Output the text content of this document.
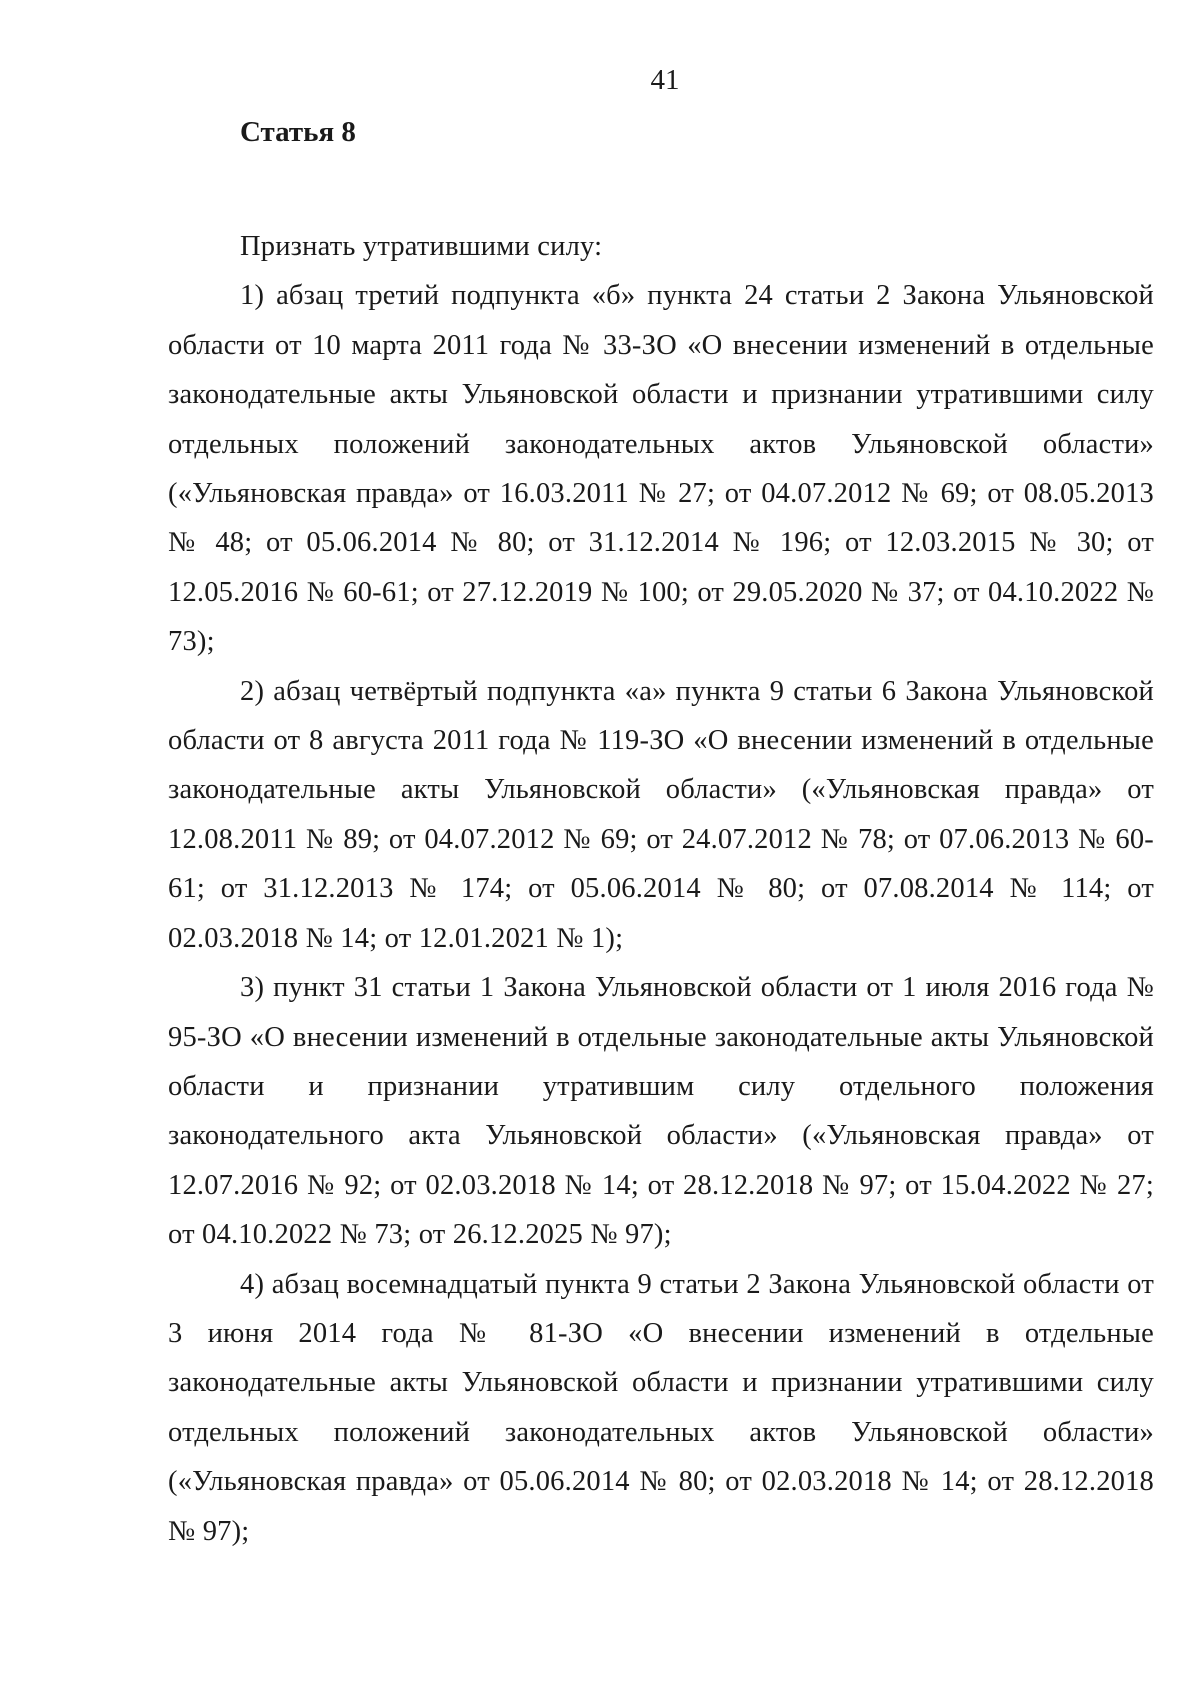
41
Статья 8

Признать утратившими силу:

1) абзац третий подпункта «б» пункта 24 статьи 2 Закона Ульяновской области от 10 марта 2011 года № 33-ЗО «О внесении изменений в отдельные законодательные акты Ульяновской области и признании утратившими силу отдельных положений законодательных актов Ульяновской области» («Ульяновская правда» от 16.03.2011 № 27; от 04.07.2012 № 69; от 08.05.2013 № 48; от 05.06.2014 № 80; от 31.12.2014 № 196; от 12.03.2015 № 30; от 12.05.2016 № 60-61; от 27.12.2019 № 100; от 29.05.2020 № 37; от 04.10.2022 № 73);

2) абзац четвёртый подпункта «а» пункта 9 статьи 6 Закона Ульяновской области от 8 августа 2011 года № 119-ЗО «О внесении изменений в отдельные законодательные акты Ульяновской области» («Ульяновская правда» от 12.08.2011 № 89; от 04.07.2012 № 69; от 24.07.2012 № 78; от 07.06.2013 № 60-61; от 31.12.2013 № 174; от 05.06.2014 № 80; от 07.08.2014 № 114; от 02.03.2018 № 14; от 12.01.2021 № 1);

3) пункт 31 статьи 1 Закона Ульяновской области от 1 июля 2016 года № 95-ЗО «О внесении изменений в отдельные законодательные акты Ульяновской области и признании утратившим силу отдельного положения законодательного акта Ульяновской области» («Ульяновская правда» от 12.07.2016 № 92; от 02.03.2018 № 14; от 28.12.2018 № 97; от 15.04.2022 № 27; от 04.10.2022 № 73; от 26.12.2025 № 97);

4) абзац восемнадцатый пункта 9 статьи 2 Закона Ульяновской области от 3 июня 2014 года № 81-ЗО «О внесении изменений в отдельные законодательные акты Ульяновской области и признании утратившими силу отдельных положений законодательных актов Ульяновской области» («Ульяновская правда» от 05.06.2014 № 80; от 02.03.2018 № 14; от 28.12.2018 № 97);
